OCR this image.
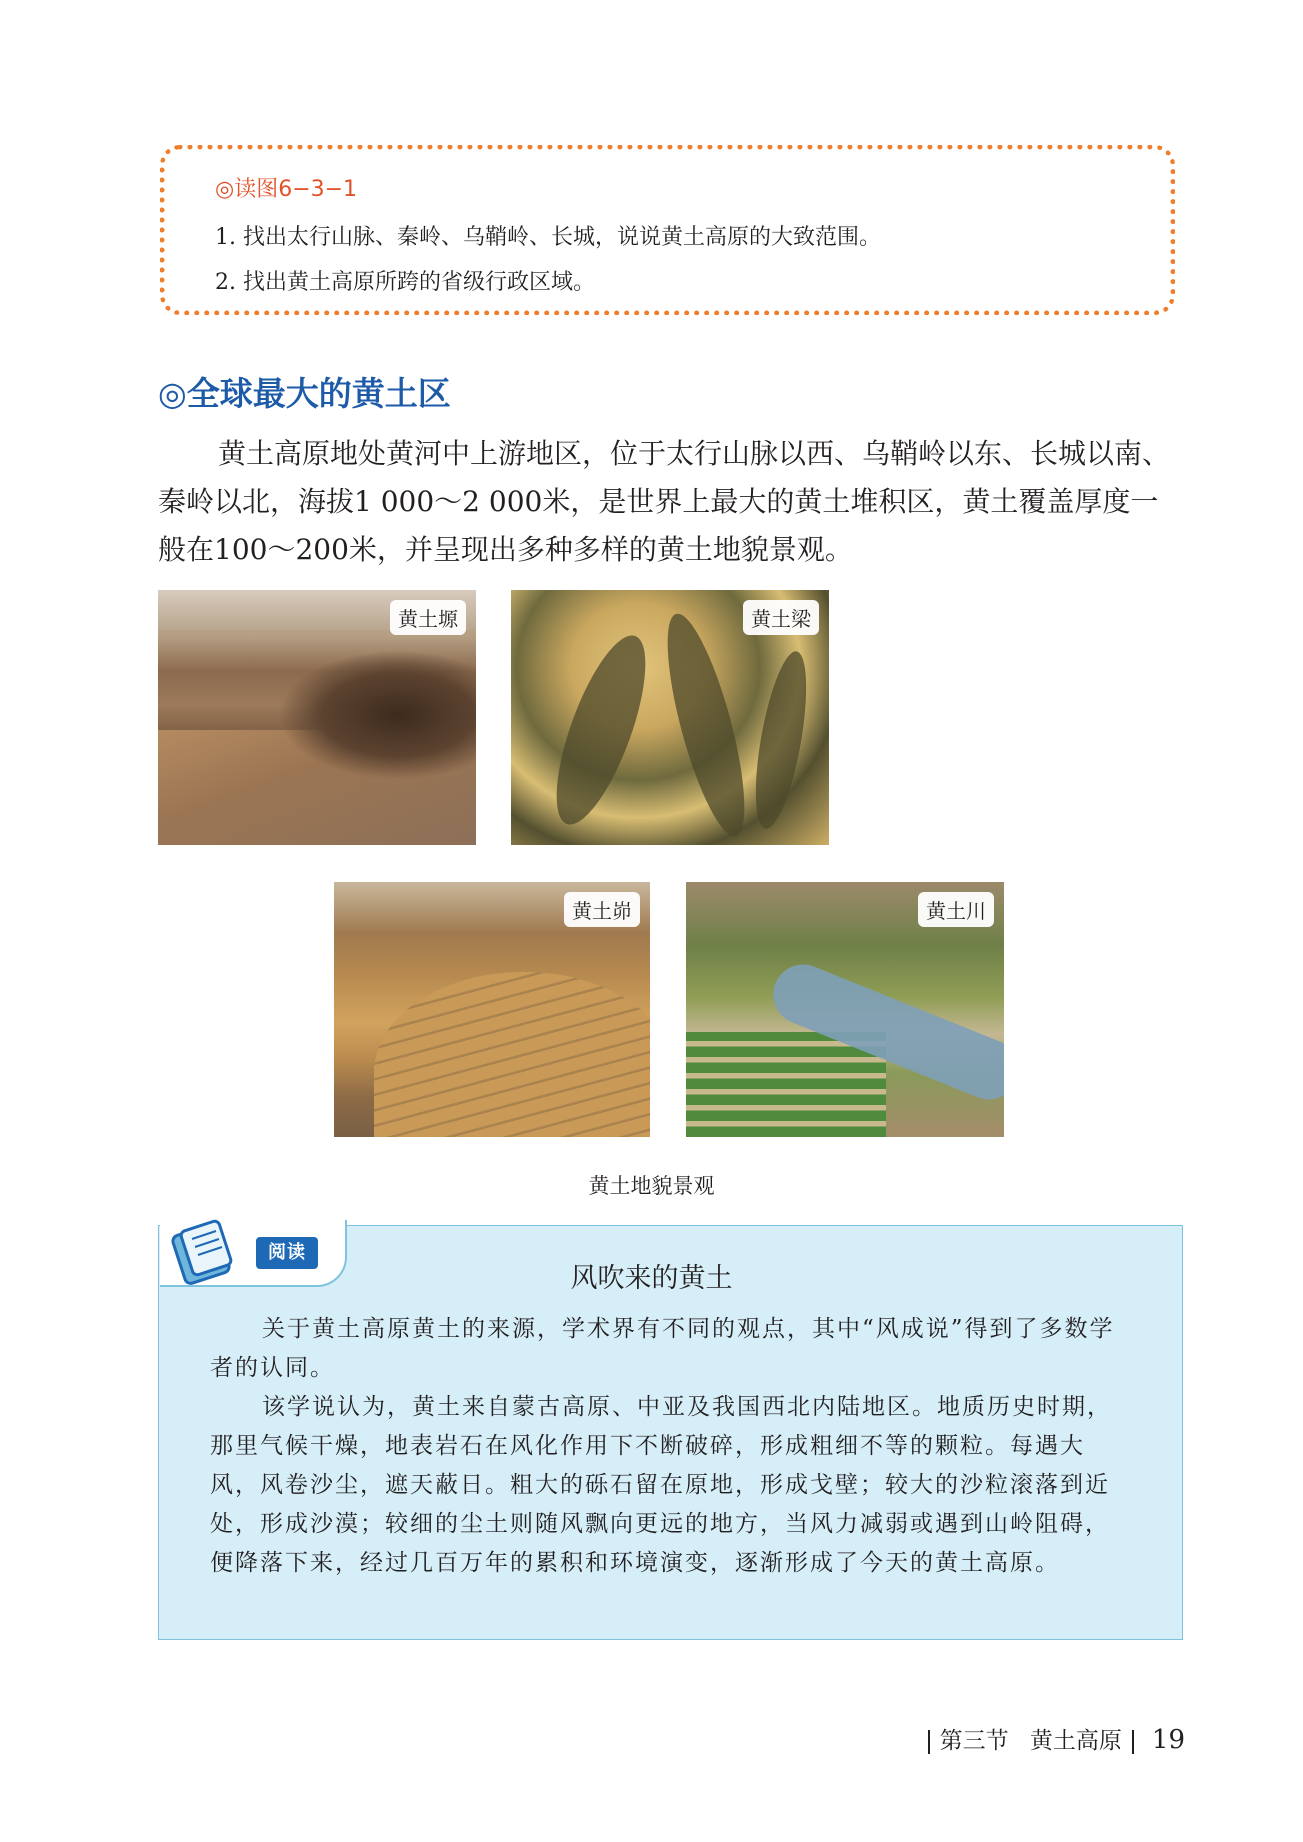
◎读图6−3−1
1. 找出太行山脉、秦岭、乌鞘岭、长城，说说黄土高原的大致范围。
2. 找出黄土高原所跨的省级行政区域。
◎全球最大的黄土区
黄土高原地处黄河中上游地区，位于太行山脉以西、乌鞘岭以东、长城以南、秦岭以北，海拔1 000～2 000米，是世界上最大的黄土堆积区，黄土覆盖厚度一般在100～200米，并呈现出多种多样的黄土地貌景观。
黄土塬	黄土梁
黄土峁	黄土川
黄土地貌景观
阅读
风吹来的黄土
关于黄土高原黄土的来源，学术界有不同的观点，其中“风成说”得到了多数学者的认同。
该学说认为，黄土来自蒙古高原、中亚及我国西北内陆地区。地质历史时期，那里气候干燥，地表岩石在风化作用下不断破碎，形成粗细不等的颗粒。每遇大风，风卷沙尘，遮天蔽日。粗大的砾石留在原地，形成戈壁；较大的沙粒滚落到近处，形成沙漠；较细的尘土则随风飘向更远的地方，当风力减弱或遇到山岭阻碍，便降落下来，经过几百万年的累积和环境演变，逐渐形成了今天的黄土高原。
第三节 黄土高原 19
